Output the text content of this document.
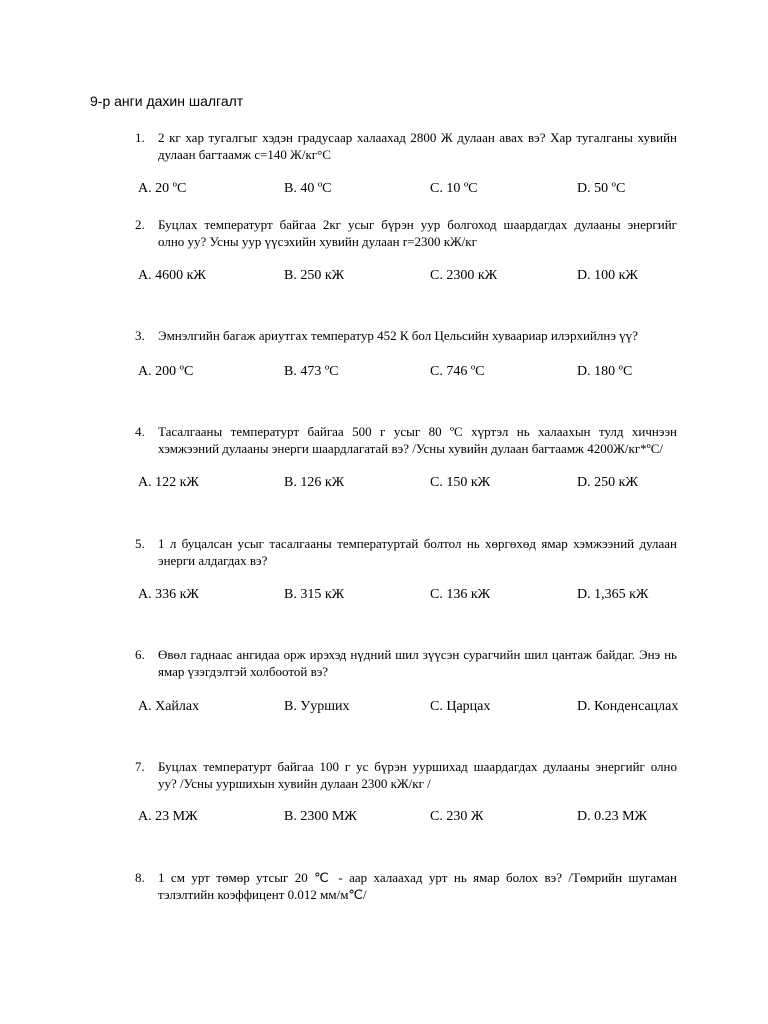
9-р анги дахин шалгалт
1. 2 кг хар тугалгыг хэдэн градусаар халаахад 2800 Ж дулаан авах вэ? Хар тугалганы хувийн
дулаан багтаамж c=140 Ж/кг°C
A. 20 ºC	B. 40 ºC	C. 10 ºC	D. 50 ºC
2. Буцлах температурт байгаа 2кг усыг бүрэн уур болгоход шаардагдах дулааны энергийг
олно уу? Усны уур үүсэхийн хувийн дулаан r=2300 кЖ/кг
A. 4600 кЖ	B. 250 кЖ	C. 2300 кЖ	D. 100 кЖ
3. Эмнэлгийн багаж ариутгах температур 452 К бол Цельсийн хуваариар илэрхийлнэ үү?
A. 200 ºC	B. 473 ºC	C. 746 ºC	D. 180 ºC
4. Тасалгааны температурт байгаа 500 г усыг 80 ºC хүртэл нь халаахын тулд хичнээн
хэмжээний дулааны энерги шаардлагатай вэ? /Усны хувийн дулаан багтаамж 4200Ж/кг*ºC/
A. 122 кЖ	B. 126 кЖ	C. 150 кЖ	D. 250 кЖ
5. 1 л буцалсан усыг тасалгааны температуртай болтол нь хөргөхөд ямар хэмжээний дулаан
энерги алдагдах вэ?
A. 336 кЖ	B. 315 кЖ	C. 136 кЖ	D. 1,365 кЖ
6. Өвөл гаднаас ангидаа орж ирэхэд нүдний шил зүүсэн сурагчийн шил цантаж байдаг. Энэ нь
ямар үзэгдэлтэй холбоотой вэ?
A. Хайлах	B. Уурших	C. Царцах	D. Конденсацлах
7. Буцлах температурт байгаа 100 г ус бүрэн ууршихад шаардагдах дулааны энергийг олно
уу? /Усны ууршихын хувийн дулаан 2300 кЖ/кг /
A. 23 МЖ	B. 2300 МЖ	C. 230 Ж	D. 0.23 МЖ
8. 1 см урт төмөр утсыг 20 ℃ - аар халаахад урт нь ямар болох вэ? /Төмрийн шугаман
тэлэлтийн коэффицент 0.012 мм/м℃/
